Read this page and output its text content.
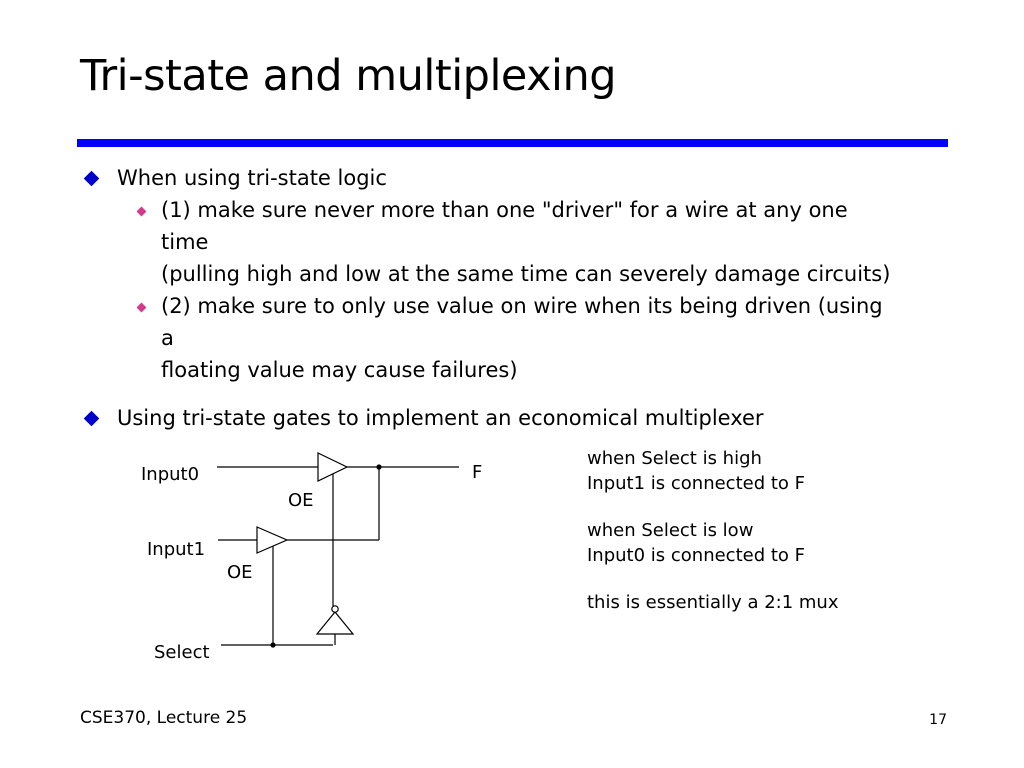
Tri-state and multiplexing
When using tri-state logic
(1) make sure never more than one "driver" for a wire at any one
time
(pulling high and low at the same time can severely damage circuits)
(2) make sure to only use value on wire when its being driven (using
a
floating value may cause failures)
Using tri-state gates to implement an economical multiplexer
Input0	F
OE
Input1
OE
Select

when Select is high
Input1 is connected to F

when Select is low
Input0 is connected to F

this is essentially a 2:1 mux

CSE370, Lecture 25	17
